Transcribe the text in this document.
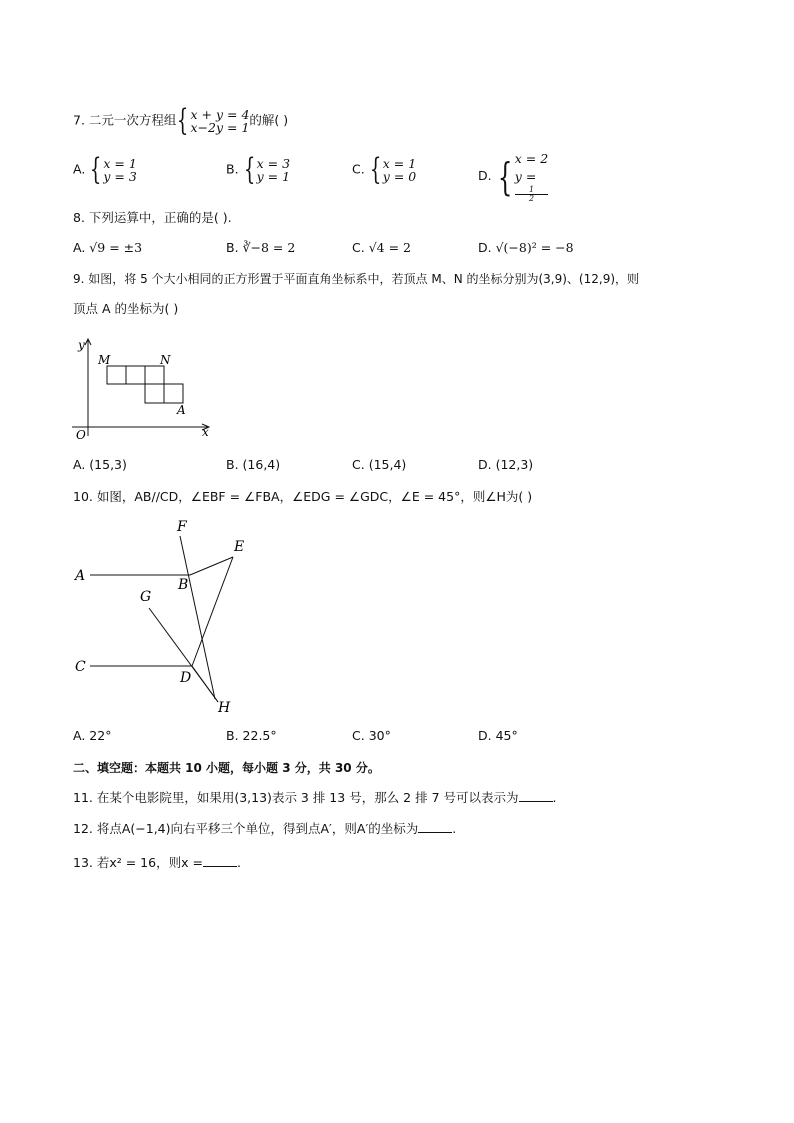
7. 二元一次方程组{ x + y = 4
x−2y = 1 的解( )
A. { x = 1
y = 3	B. { x = 3
y = 1	C. { x = 1
y = 0	D. { x = 2
y =
1
2
8. 下列运算中，正确的是( ).
A. √9 = ±3	B. ∛−8 = 2	C. √4 = 2	D. √(−8)² = −8
9. 如图，将 5 个大小相同的正方形置于平面直角坐标系中，若顶点 M、N 的坐标分别为(3,9)、(12,9)，则
顶点 A 的坐标为( )
y
x
O
M	N
A
A. (15,3)	B. (16,4)	C. (15,4)	D. (12,3)
10. 如图，AB//CD，∠EBF = ∠FBA，∠EDG = ∠GDC，∠E = 45°，则∠H为( )
A
B
C
D
E
F
G
H
A. 22°	B. 22.5°	C. 30°	D. 45°
二、填空题：本题共 10 小题，每小题 3 分，共 30 分。
11. 在某个电影院里，如果用(3,13)表示 3 排 13 号，那么 2 排 7 号可以表示为	.
12. 将点A(−1,4)向右平移三个单位，得到点A′，则A′的坐标为	.
13. 若x² = 16，则x =	.
